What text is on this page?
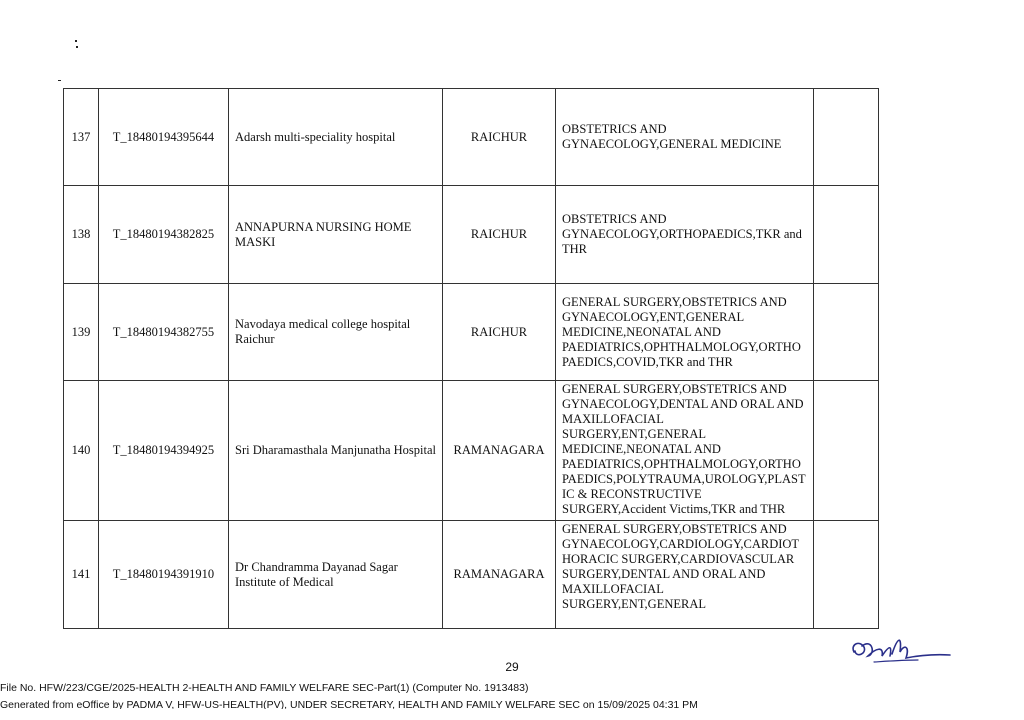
137	T_18480194395644	Adarsh multi-speciality hospital	RAICHUR	OBSTETRICS AND GYNAECOLOGY,GENERAL MEDICINE	
138	T_18480194382825	ANNAPURNA NURSING HOME MASKI	RAICHUR	OBSTETRICS AND GYNAECOLOGY,ORTHOPAEDICS,TKR and THR	
139	T_18480194382755	Navodaya medical college hospital Raichur	RAICHUR	GENERAL SURGERY,OBSTETRICS AND GYNAECOLOGY,ENT,GENERAL MEDICINE,NEONATAL AND PAEDIATRICS,OPHTHALMOLOGY,ORTHOPAEDICS,COVID,TKR and THR	
140	T_18480194394925	Sri Dharamasthala Manjunatha Hospital	RAMANAGARA	GENERAL SURGERY,OBSTETRICS AND GYNAECOLOGY,DENTAL AND ORAL AND MAXILLOFACIAL SURGERY,ENT,GENERAL MEDICINE,NEONATAL AND PAEDIATRICS,OPHTHALMOLOGY,ORTHOPAEDICS,POLYTRAUMA,UROLOGY,PLASTIC & RECONSTRUCTIVE SURGERY,Accident Victims,TKR and THR	
141	T_18480194391910	Dr Chandramma Dayanad Sagar Institute of Medical	RAMANAGARA	GENERAL SURGERY,OBSTETRICS AND GYNAECOLOGY,CARDIOLOGY,CARDIOTHORACIC SURGERY,CARDIOVASCULAR SURGERY,DENTAL AND ORAL AND MAXILLOFACIAL SURGERY,ENT,GENERAL	
29
File No. HFW/223/CGE/2025-HEALTH 2-HEALTH AND FAMILY WELFARE SEC-Part(1) (Computer No. 1913483)
Generated from eOffice by PADMA V, HFW-US-HEALTH(PV), UNDER SECRETARY, HEALTH AND FAMILY WELFARE SEC on 15/09/2025 04:31 PM
